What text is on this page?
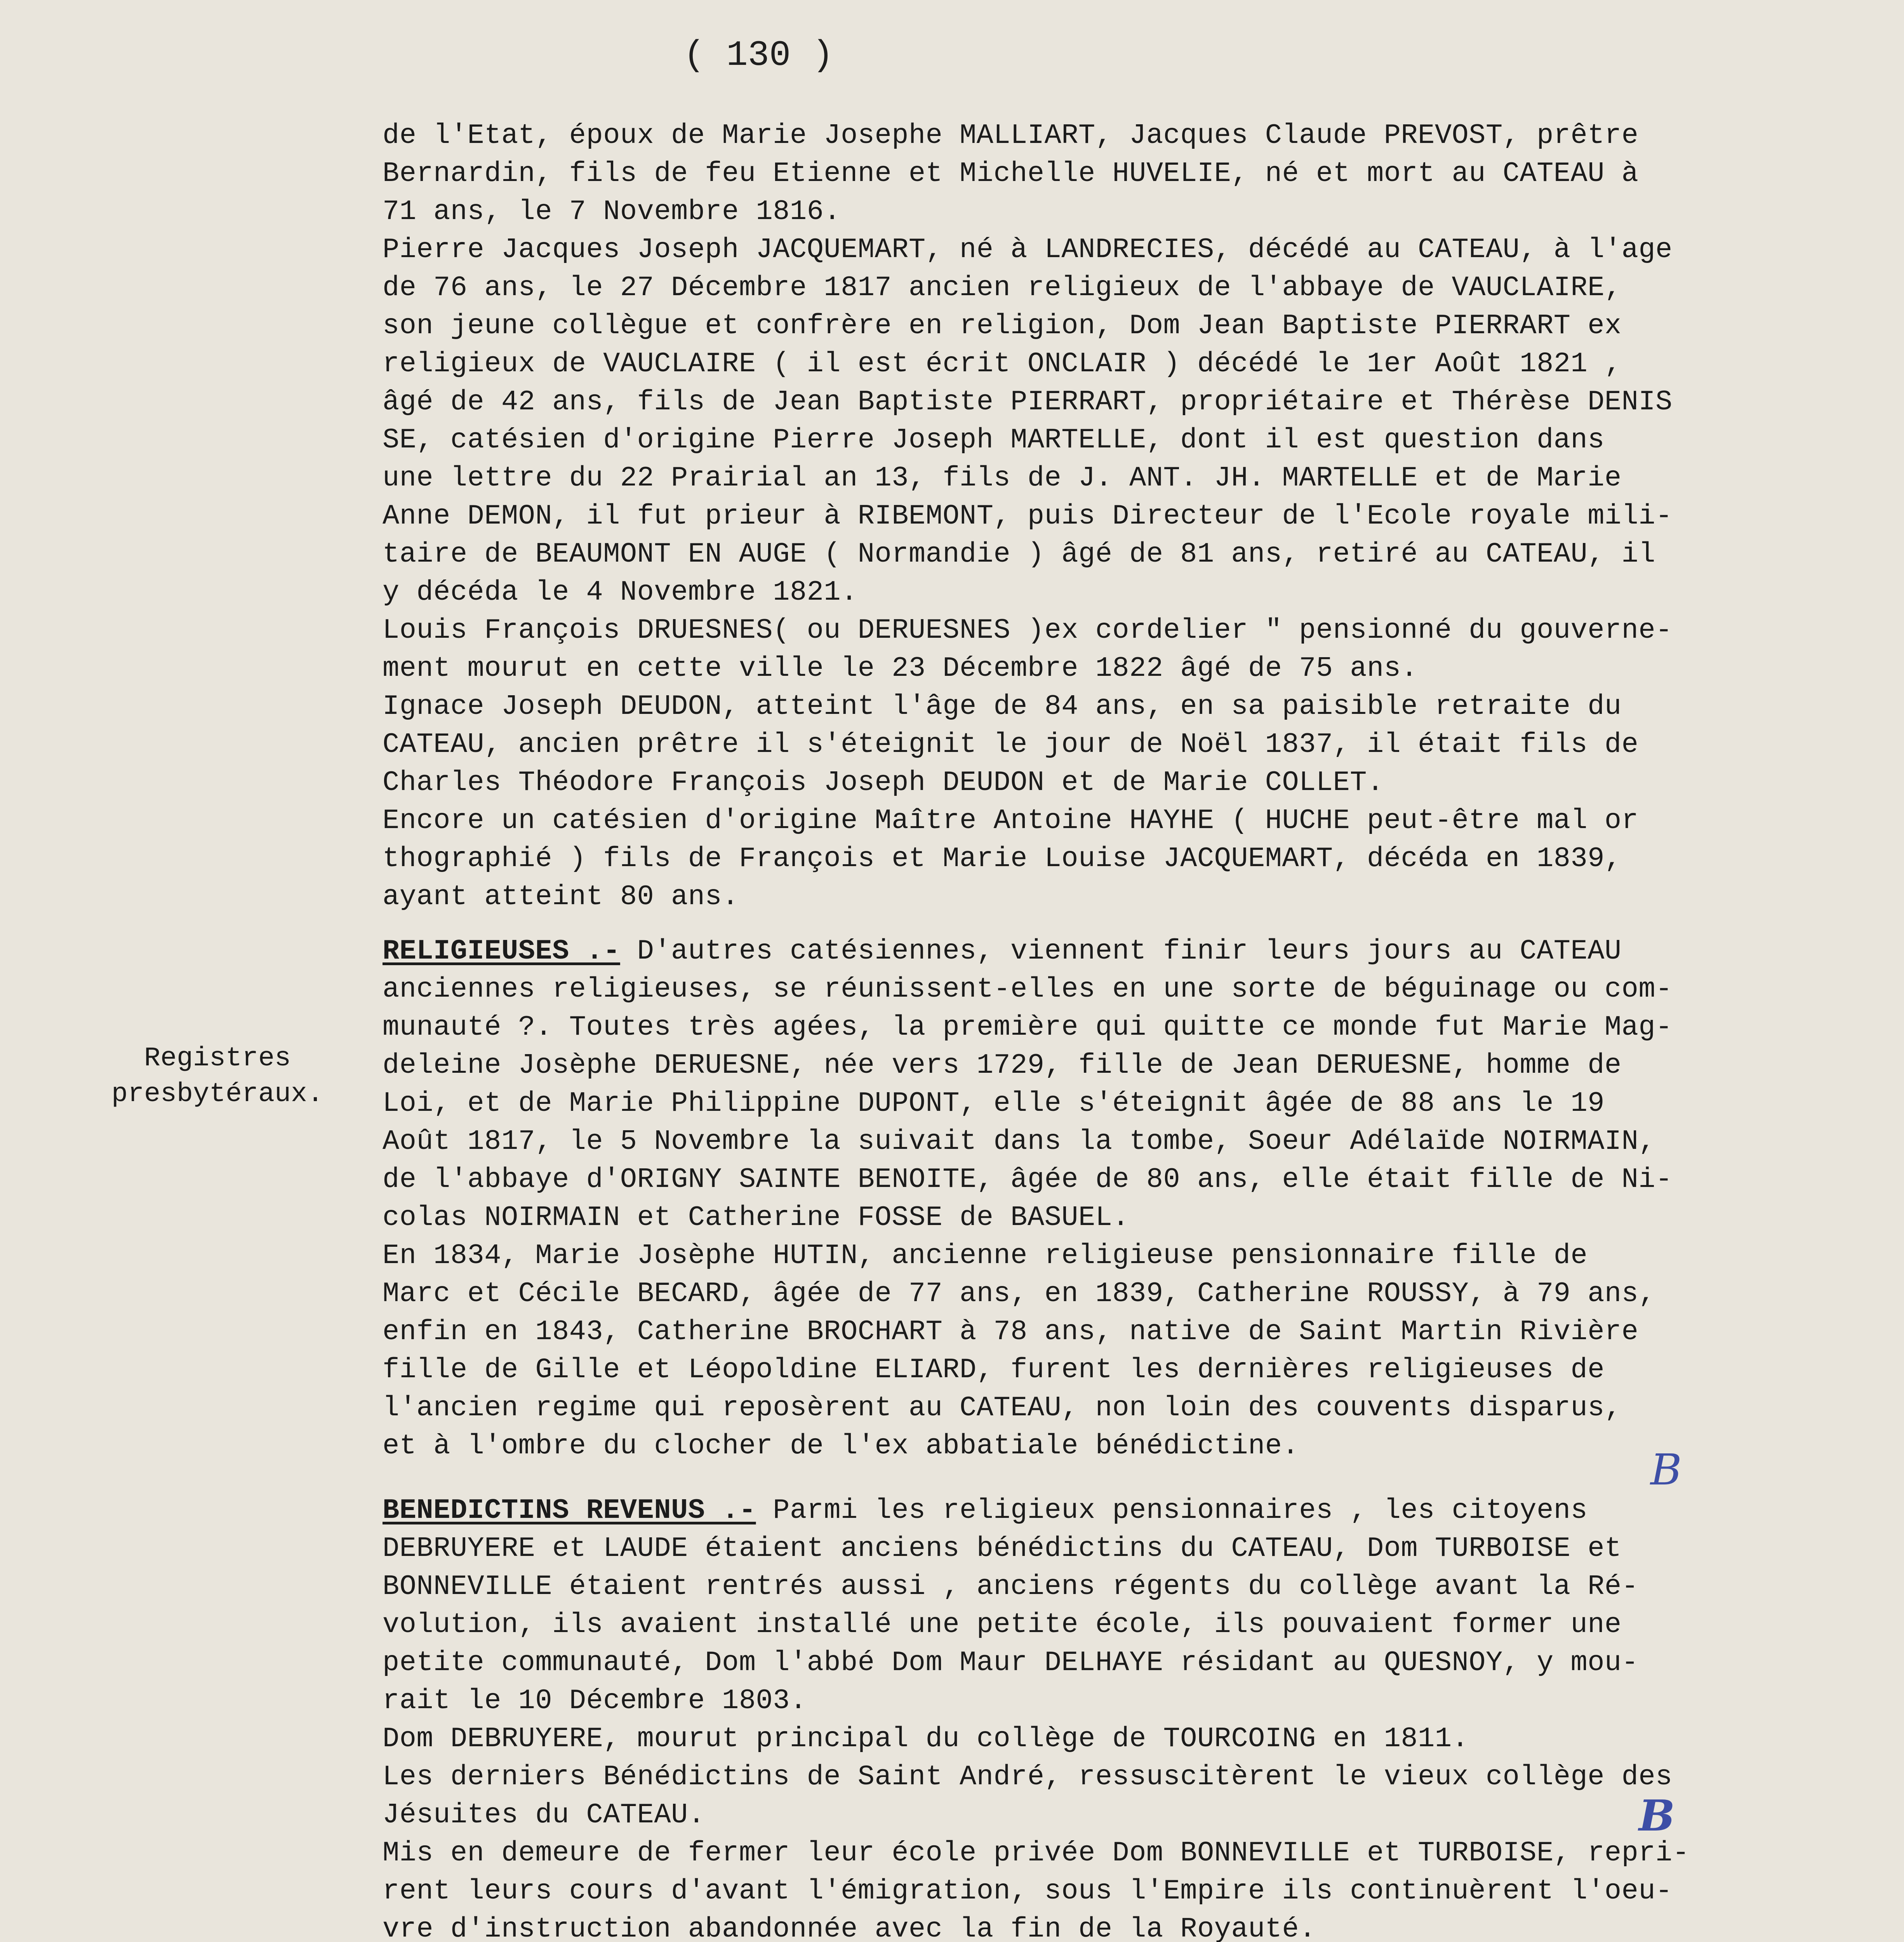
( 130 )
de l'Etat, époux de Marie Josephe MALLIART, Jacques Claude PREVOST, prêtre
Bernardin, fils de feu Etienne et Michelle HUVELIE, né et mort au CATEAU à
71 ans, le 7 Novembre 1816.
Pierre Jacques Joseph JACQUEMART, né à LANDRECIES, décédé au CATEAU, à l'age
de 76 ans, le 27 Décembre 1817 ancien religieux de l'abbaye de VAUCLAIRE,
son jeune collègue et confrère en religion, Dom Jean Baptiste PIERRART ex
religieux de VAUCLAIRE ( il est écrit ONCLAIR ) décédé le 1er Août 1821 ,
âgé de 42 ans, fils de Jean Baptiste PIERRART, propriétaire et Thérèse DENIS
SE, catésien d'origine Pierre Joseph MARTELLE, dont il est question dans
une lettre du 22 Prairial an 13, fils de J. ANT. JH. MARTELLE et de Marie
Anne DEMON, il fut prieur à RIBEMONT, puis Directeur de l'Ecole royale mili-
taire de BEAUMONT EN AUGE ( Normandie ) âgé de 81 ans, retiré au CATEAU, il
y décéda le 4 Novembre 1821.
Louis François DRUESNES( ou DERUESNES )ex cordelier " pensionné du gouverne-
ment mourut en cette ville le 23 Décembre 1822 âgé de 75 ans.
Ignace Joseph DEUDON, atteint l'âge de 84 ans, en sa paisible retraite du
CATEAU, ancien prêtre il s'éteignit le jour de Noël 1837, il était fils de
Charles Théodore François Joseph DEUDON et de Marie COLLET.
Encore un catésien d'origine Maître Antoine HAYHE ( HUCHE peut-être mal or
thographié ) fils de François et Marie Louise JACQUEMART, décéda en 1839,
ayant atteint 80 ans.
Registres
presbytéraux.
RELIGIEUSES .- D'autres catésiennes, viennent finir leurs jours au CATEAU
anciennes religieuses, se réunissent-elles en une sorte de béguinage ou com-
munauté ?. Toutes très agées, la première qui quitte ce monde fut Marie Mag-
deleine Josèphe DERUESNE, née vers 1729, fille de Jean DERUESNE, homme de
Loi, et de Marie Philippine DUPONT, elle s'éteignit âgée de 88 ans le 19
Août 1817, le 5 Novembre la suivait dans la tombe, Soeur Adélaïde NOIRMAIN,
de l'abbaye d'ORIGNY SAINTE BENOITE, âgée de 80 ans, elle était fille de Ni-
colas NOIRMAIN et Catherine FOSSE de BASUEL.
En 1834, Marie Josèphe HUTIN, ancienne religieuse pensionnaire fille de
Marc et Cécile BECARD, âgée de 77 ans, en 1839, Catherine ROUSSY, à 79 ans,
enfin en 1843, Catherine BROCHART à 78 ans, native de Saint Martin Rivière
fille de Gille et Léopoldine ELIARD, furent les dernières religieuses de
l'ancien regime qui reposèrent au CATEAU, non loin des couvents disparus,
et à l'ombre du clocher de l'ex abbatiale bénédictine.
BENEDICTINS REVENUS .- Parmi les religieux pensionnaires , les citoyens
DEBRUYERE et LAUDE étaient anciens bénédictins du CATEAU, Dom TURBOISE et
BONNEVILLE étaient rentrés aussi , anciens régents du collège avant la Ré-
volution, ils avaient installé une petite école, ils pouvaient former une
petite communauté, Dom l'abbé Dom Maur DELHAYE résidant au QUESNOY, y mou-
rait le 10 Décembre 1803.
Dom DEBRUYERE, mourut principal du collège de TOURCOING en 1811.
Les derniers Bénédictins de Saint André, ressuscitèrent le vieux collège des
Jésuites du CATEAU.
Mis en demeure de fermer leur école privée Dom BONNEVILLE et TURBOISE, repri-
rent leurs cours d'avant l'émigration, sous l'Empire ils continuèrent l'oeu-
vre d'instruction abandonnée avec la fin de la Royauté.
B
B
